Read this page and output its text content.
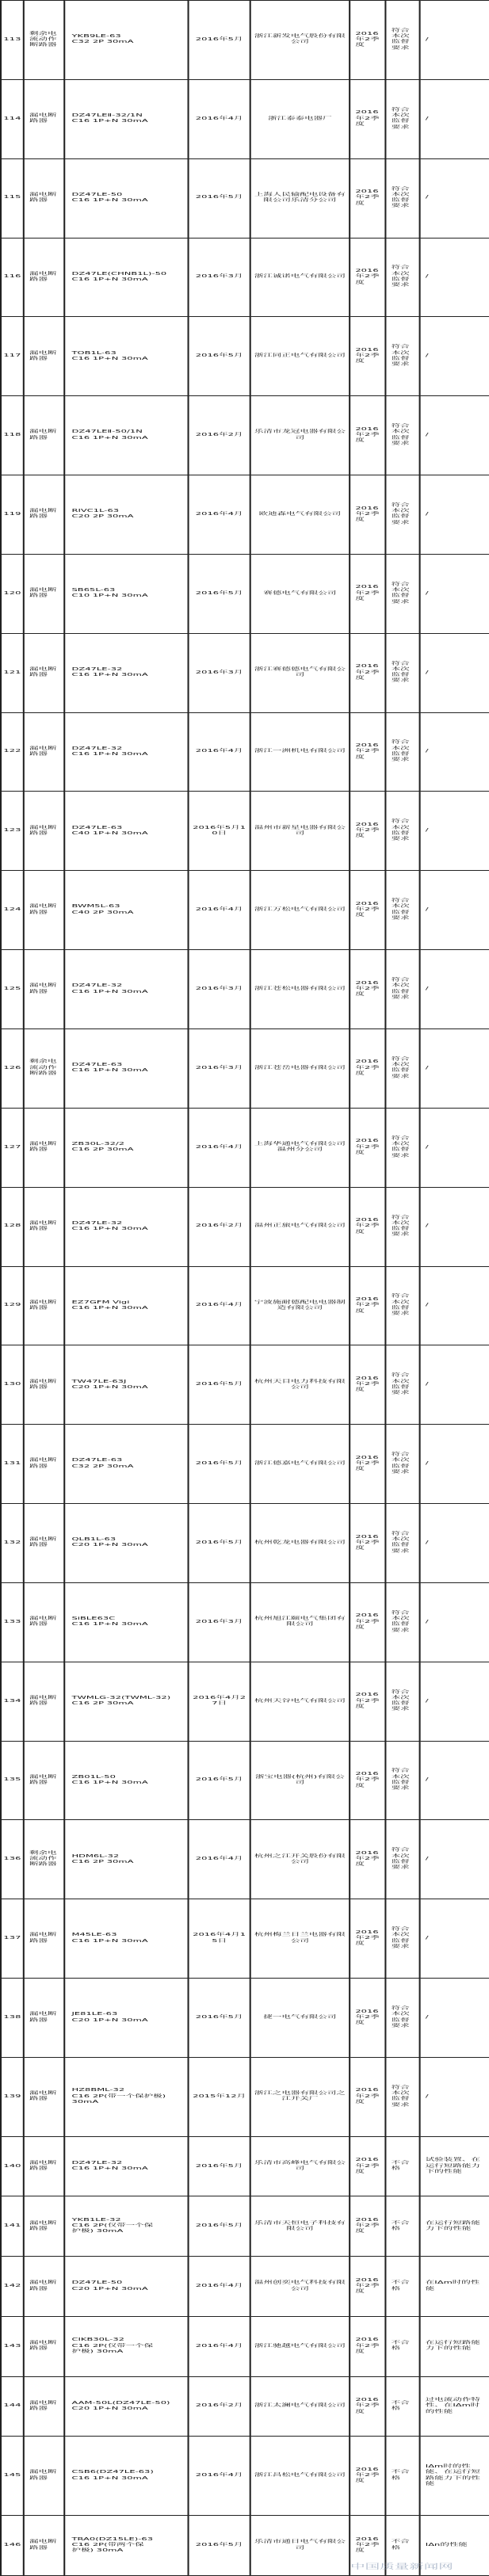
113	剩余电流动作断路器	YKB9LE-63
C32 2P 30mA	2016年5月	浙江新发电气股份有限公司	2016年2季度	符合本次监督要求	/
114	漏电断路器	DZ47LEⅡ-32/1N
C16 1P+N 30mA	2016年4月	浙江泰泰电器厂	2016年2季度	符合本次监督要求	/
115	漏电断路器	DZ47LE-50
C16 1P+N 30mA	2016年5月	上海人民输配电设备有限公司乐清分公司	2016年2季度	符合本次监督要求	/
116	漏电断路器	DZ47LE(CHNB1L)-50
C16 1P+N 30mA	2016年3月	浙江诚诺电气有限公司	2016年2季度	符合本次监督要求	/
117	漏电断路器	TOB1L-63
C16 1P+N 30mA	2016年5月	浙江同正电气有限公司	2016年2季度	符合本次监督要求	/
118	漏电断路器	DZ47LEⅡ-50/1N
C16 1P+N 30mA	2016年2月	乐清市龙冠电器有限公司	2016年2季度	符合本次监督要求	/
119	漏电断路器	RIVC1L-63
C20 2P 30mA	2016年4月	欧迪森电气有限公司	2016年2季度	符合本次监督要求	/
120	漏电断路器	SB65L-63
C10 1P+N 30mA	2016年5月	赛德电气有限公司	2016年2季度	符合本次监督要求	/
121	漏电断路器	DZ47LE-32
C16 1P+N 30mA	2016年3月	浙江赛德德电气有限公司	2016年2季度	符合本次监督要求	/
122	漏电断路器	DZ47LE-32
C16 1P+N 30mA	2016年4月	浙江一洲机电有限公司	2016年2季度	符合本次监督要求	/
123	漏电断路器	DZ47LE-63
C40 1P+N 30mA	2016年5月10日	温州市新星电器有限公司	2016年2季度	符合本次监督要求	/
124	漏电断路器	BWM5L-63
C40 2P 30mA	2016年4月	浙江万松电气有限公司	2016年2季度	符合本次监督要求	/
125	漏电断路器	DZ47LE-32
C16 1P+N 30mA	2016年3月	浙江苍松电器有限公司	2016年2季度	符合本次监督要求	/
126	剩余电流动作断路器	DZ47LE-63
C16 1P+N 30mA	2016年3月	浙江苍岳电器有限公司	2016年2季度	符合本次监督要求	/
127	漏电断路器	ZB30L-32/2
C16 2P 30mA	2016年4月	上海华通电气有限公司温州分公司	2016年2季度	符合本次监督要求	/
128	漏电断路器	DZ47LE-32
C16 1P+N 30mA	2016年2月	温州正旅电气有限公司	2016年2季度	符合本次监督要求	/
129	漏电断路器	EZ7GFM Vigi
C16 1P+N 30mA	2016年4月	宁波施耐德配电电器制造有限公司	2016年2季度	符合本次监督要求	/
130	漏电断路器	TW47LE-63J
C20 1P+N 30mA	2016年5月	杭州天目电力科技有限公司	2016年2季度	符合本次监督要求	/
131	漏电断路器	DZ47LE-63
C32 2P 30mA	2016年5月	浙江德嘉电气有限公司	2016年2季度	符合本次监督要求	/
132	漏电断路器	QLB1L-63
C20 1P+N 30mA	2016年5月	杭州乾龙电器有限公司	2016年2季度	符合本次监督要求	/
133	漏电断路器	SiBLE63C
C16 1P+N 30mA	2016年3月	杭州旭江颐电气集团有限公司	2016年2季度	符合本次监督要求	/
134	漏电断路器	TWMLG-32(TWML-32)
C16 2P 30mA	2016年4月27日	杭州天谷电气有限公司	2016年2季度	符合本次监督要求	/
135	漏电断路器	ZB01L-50
C16 1P+N 30mA	2016年5月	浙宝电器(杭州)有限公司	2016年2季度	符合本次监督要求	/
136	剩余电流动作断路器	HDM6L-32
C16 2P 30mA	2016年4月	杭州之江开关股份有限公司	2016年2季度	符合本次监督要求	/
137	漏电断路器	M45LE-63
C16 1P+N 30mA	2016年4月15日	杭州梅兰日兰电器有限公司	2016年2季度	符合本次监督要求	/
138	漏电断路器	JE81LE-63
C20 1P+N 30mA	2016年5月	捷一电气有限公司	2016年2季度	符合本次监督要求	/
139	漏电断路器	HZ8BML-32
C16 2P(带一个保护极)
30mA	2015年12月	浙江之电器有限公司之江开关厂	2016年2季度	符合本次监督要求	/
140	漏电断路器	DZ47LE-32
C16 1P+N 30mA	2016年5月	乐清市高峰电气有限公司	2016年2季度	不合格	试验装置、在运行短路能力下的性能
141	漏电断路器	YKB1LE-32
C16 2P(仅带一个保
护极) 30mA	2016年5月	乐清市天恒电子科技有限公司	2016年2季度	不合格	在运行短路能力下的性能
142	漏电断路器	DZ47LE-50
C20 1P+N 30mA	2016年4月	温州创奕电气科技有限公司	2016年2季度	不合格	在IΔm时的性能
143	漏电断路器	CIKB30L-32
C16 2P(仅带一个保
护极) 30mA	2016年4月	浙江驰越电气有限公司	2016年2季度	不合格	在运行短路能力下的性能
144	漏电断路器	AAM-50L(DZ47LE-50)
C20 1P+N 30mA	2016年2月	浙江太澜电气有限公司	2016年2季度	不合格	过电流动作特性、在IΔm时的性能
145	漏电断路器	CSB6(DZ47LE-63)
C16 1P+N 30mA	2016年4月	浙江昌松电气有限公司	2016年2季度	不合格	IΔm时的性能、在运行短路能力下的性能
146	漏电断路器	TRA0(DZ15LE)-63
C16 2P(带两个保
护极) 30mA	2016年5月	乐清市通日电气有限公司	2016年2季度	不合格	IΔn的性能
中国质量新闻网
